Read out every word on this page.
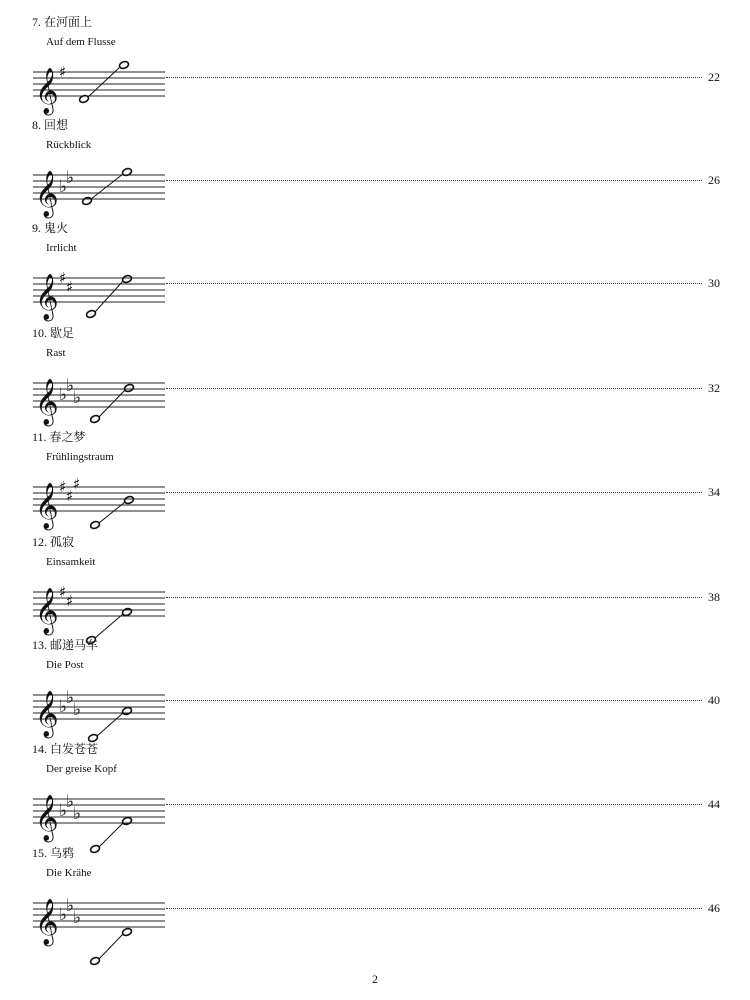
7. 在河面上
Auf dem Flusse
𝄞 ♯	22
8. 回想
Rückblick
𝄞 ♭
♭	26
9. 鬼火
Irrlicht
𝄞 ♯ ♯	30
10. 歇足
Rast
𝄞 ♭
♭
♭	32
11. 春之梦
Frühlingstraum
𝄞 ♯ ♯
♯	34
12. 孤寂
Einsamkeit
𝄞 ♯ ♯	38
13. 邮递马车
Die Post
𝄞 ♭
♭
♭	40
14. 白发苍苍
Der greise Kopf
𝄞 ♭
♭
♭	44
15. 乌鸦
Die Krähe
𝄞 ♭
♭
♭	46
2
